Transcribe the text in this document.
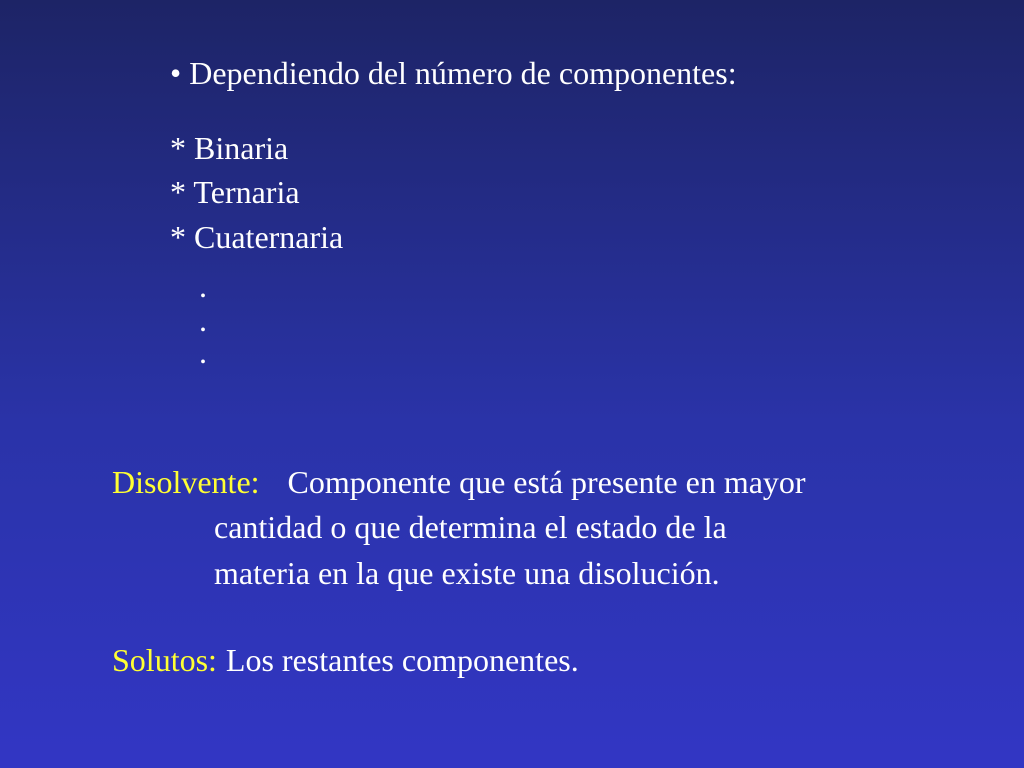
• Dependiendo del número de componentes:
* Binaria
* Ternaria
* Cuaternaria
.
.
.
Disolvente: Componente que está presente en mayor
cantidad o que determina el estado de la
materia en la que existe una disolución.
Solutos: Los restantes componentes.
